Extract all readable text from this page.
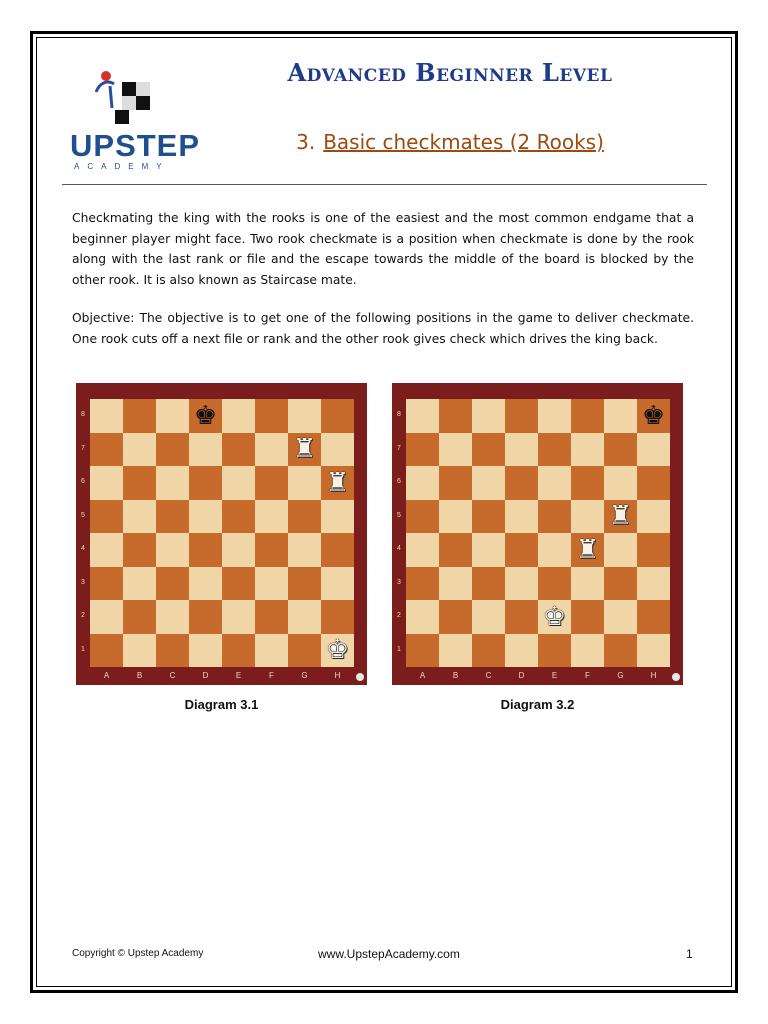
UPSTEP
ACADEMY
Advanced Beginner Level
3. Basic checkmates (2 Rooks)
Checkmating the king with the rooks is one of the easiest and the most common endgame that a beginner player might face. Two rook checkmate is a position when checkmate is done by the rook along with the last rank or file and the escape towards the middle of the board is blocked by the other rook. It is also known as Staircase mate.
Objective: The objective is to get one of the following positions in the game to deliver checkmate. One rook cuts off a next file or rank and the other rook gives check which drives the king back.
♚
♜
♜
♚
8
7
6
5
4
3
2
1
A	B	C	D	E	F	G	H
♚
♜
♜
♚
8
7
6
5
4
3
2
1
A	B	C	D	E	F	G	H
Diagram 3.1	Diagram 3.2
Copyright © Upstep Academy	www.UpstepAcademy.com	1
